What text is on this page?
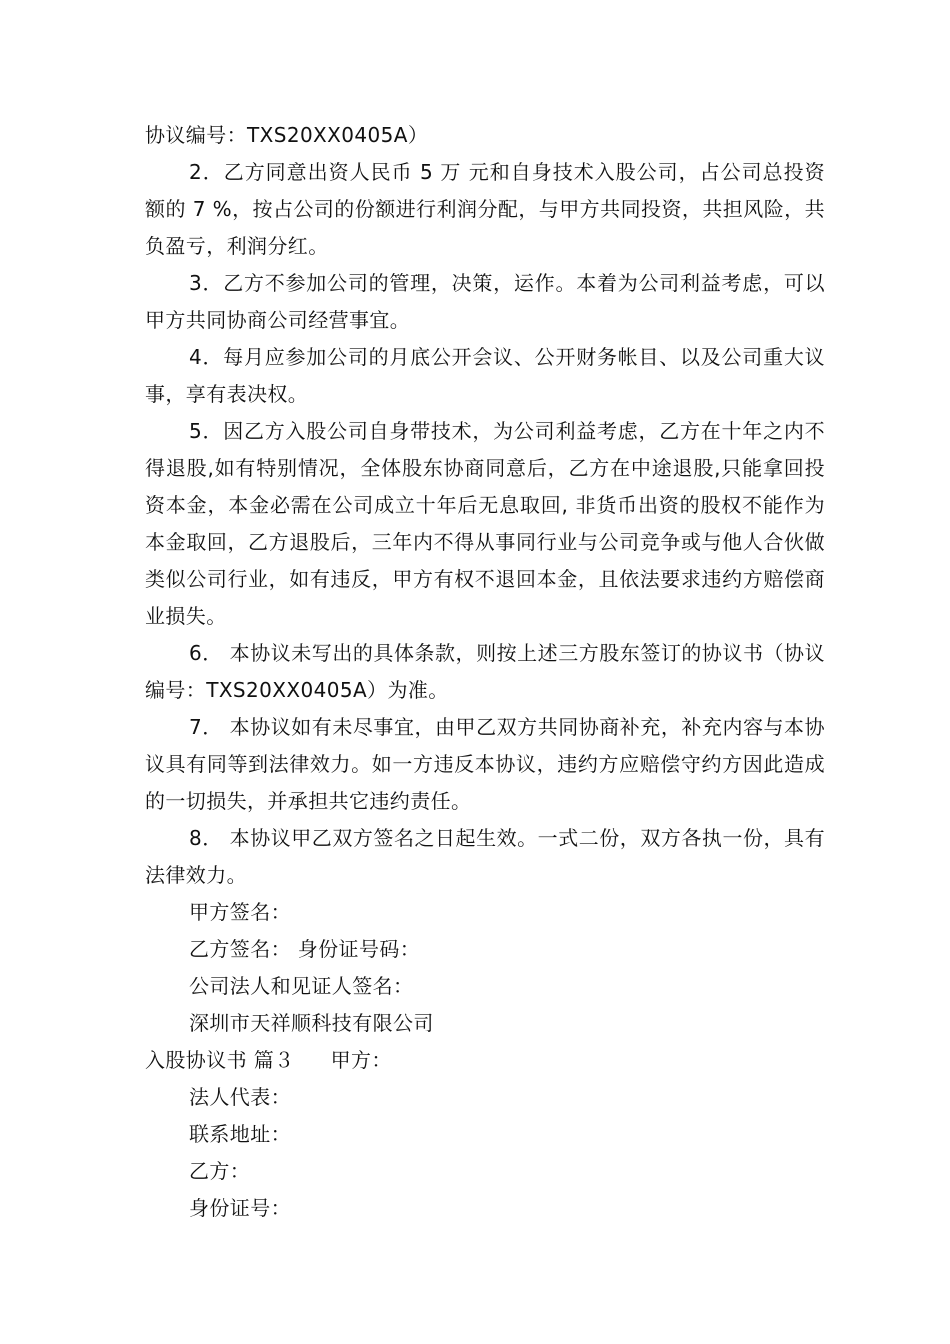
协议编号：TXS20XX0405A）

2．乙方同意出资人民币 5 万 元和自身技术入股公司，占公司总投资额的 7 %，按占公司的份额进行利润分配，与甲方共同投资，共担风险，共负盈亏，利润分红。

3．乙方不参加公司的管理，决策，运作。本着为公司利益考虑，可以甲方共同协商公司经营事宜。

4．每月应参加公司的月底公开会议、公开财务帐目、以及公司重大议事，享有表决权。

5．因乙方入股公司自身带技术，为公司利益考虑，乙方在十年之内不得退股,如有特别情况，全体股东协商同意后，乙方在中途退股,只能拿回投资本金，本金必需在公司成立十年后无息取回, 非货币出资的股权不能作为本金取回，乙方退股后，三年内不得从事同行业与公司竞争或与他人合伙做类似公司行业，如有违反，甲方有权不退回本金，且依法要求违约方赔偿商业损失。

6． 本协议未写出的具体条款，则按上述三方股东签订的协议书（协议编号：TXS20XX0405A）为准。

7． 本协议如有未尽事宜，由甲乙双方共同协商补充，补充内容与本协议具有同等到法律效力。如一方违反本协议，违约方应赔偿守约方因此造成的一切损失，并承担共它违约责任。

8． 本协议甲乙双方签名之日起生效。一式二份，双方各执一份，具有法律效力。

甲方签名：

乙方签名： 身份证号码：

公司法人和见证人签名：

深圳市天祥顺科技有限公司

入股协议书 篇３ 甲方：

法人代表：

联系地址：

乙方：

身份证号：
